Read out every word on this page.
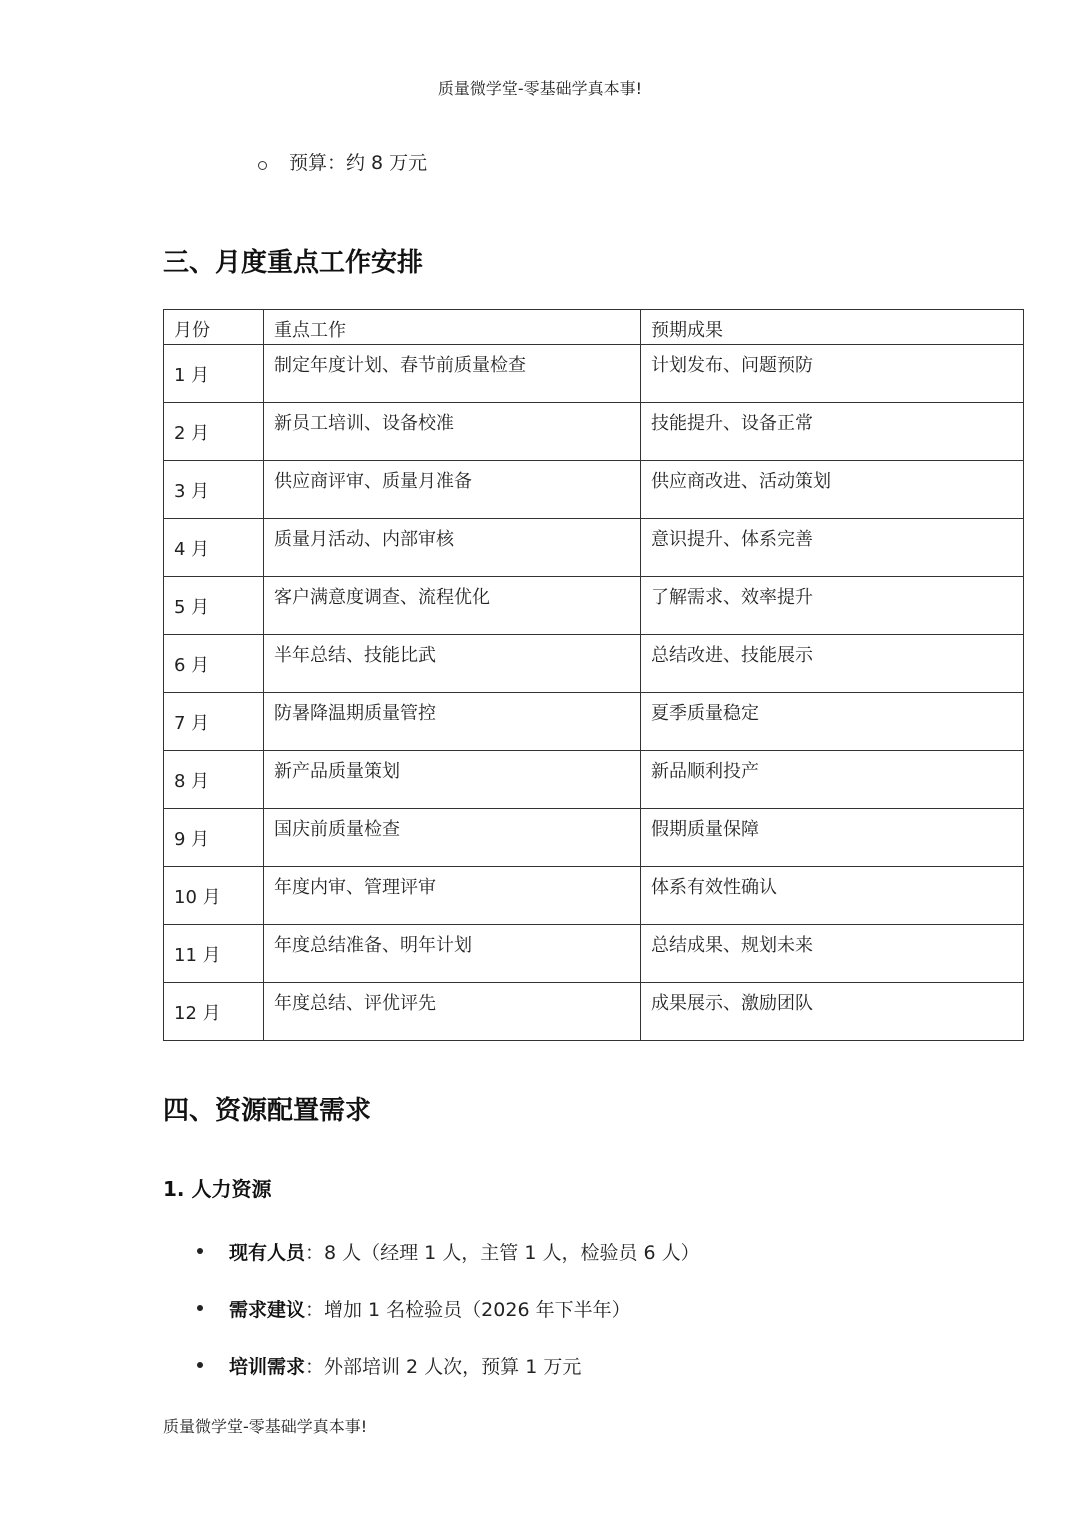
质量微学堂-零基础学真本事!
预算：约 8 万元
三、月度重点工作安排
月份	重点工作	预期成果
1 月	制定年度计划、春节前质量检查	计划发布、问题预防
2 月	新员工培训、设备校准	技能提升、设备正常
3 月	供应商评审、质量月准备	供应商改进、活动策划
4 月	质量月活动、内部审核	意识提升、体系完善
5 月	客户满意度调查、流程优化	了解需求、效率提升
6 月	半年总结、技能比武	总结改进、技能展示
7 月	防暑降温期质量管控	夏季质量稳定
8 月	新产品质量策划	新品顺利投产
9 月	国庆前质量检查	假期质量保障
10 月	年度内审、管理评审	体系有效性确认
11 月	年度总结准备、明年计划	总结成果、规划未来
12 月	年度总结、评优评先	成果展示、激励团队
四、资源配置需求
1. 人力资源
现有人员：8 人（经理 1 人，主管 1 人，检验员 6 人）
需求建议：增加 1 名检验员（2026 年下半年）
培训需求：外部培训 2 人次，预算 1 万元
质量微学堂-零基础学真本事!
